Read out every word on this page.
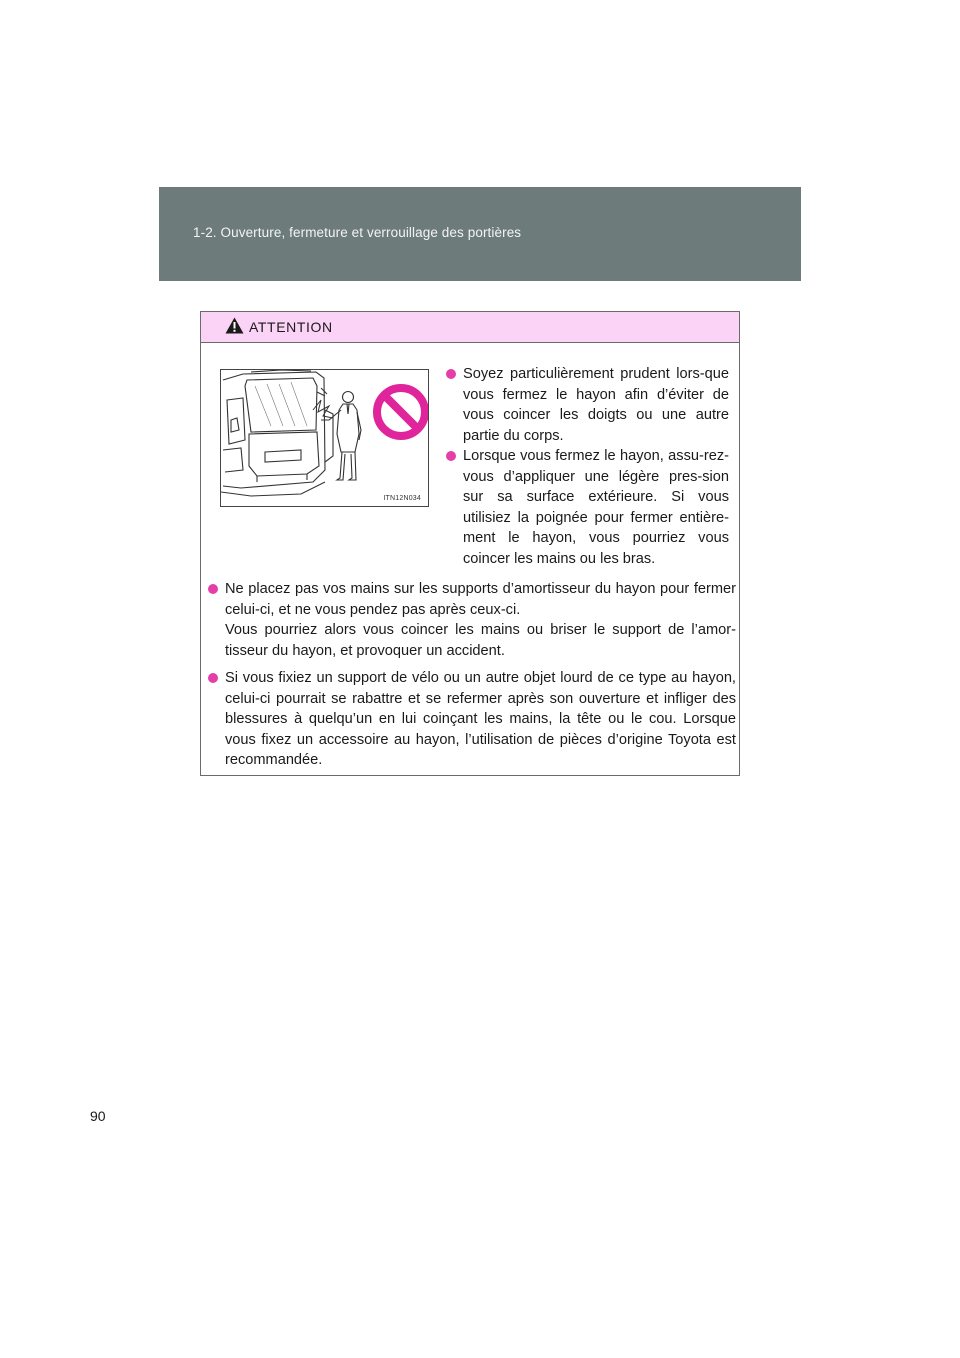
1-2. Ouverture, fermeture et verrouillage des portières
ATTENTION
ITN12N034
Soyez particulièrement prudent lors-que vous fermez le hayon afin d’éviter de vous coincer les doigts ou une autre partie du corps.
Lorsque vous fermez le hayon, assu-rez-vous d’appliquer une légère pres-sion sur sa surface extérieure. Si vous utilisiez la poignée pour fermer entière-ment le hayon, vous pourriez vous coincer les mains ou les bras.
Ne placez pas vos mains sur les supports d’amortisseur du hayon pour fermer celui-ci, et ne vous pendez pas après ceux-ci.
Vous pourriez alors vous coincer les mains ou briser le support de l’amor-tisseur du hayon, et provoquer un accident.
Si vous fixiez un support de vélo ou un autre objet lourd de ce type au hayon, celui-ci pourrait se rabattre et se refermer après son ouverture et infliger des blessures à quelqu’un en lui coinçant les mains, la tête ou le cou. Lorsque vous fixez un accessoire au hayon, l’utilisation de pièces d’origine Toyota est recommandée.
90
